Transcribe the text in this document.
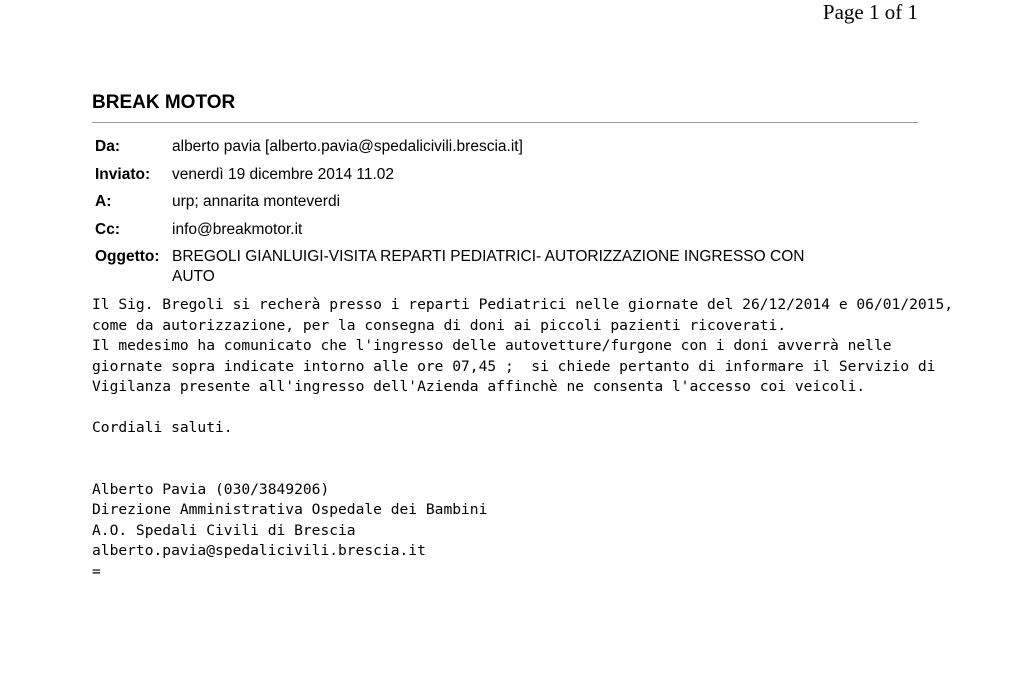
Page 1 of 1
BREAK MOTOR
Da:	alberto pavia [alberto.pavia@spedalicivili.brescia.it]
Inviato:	venerdì 19 dicembre 2014 11.02
A:	urp; annarita monteverdi
Cc:	info@breakmotor.it
Oggetto: BREGOLI GIANLUIGI-VISITA REPARTI PEDIATRICI- AUTORIZZAZIONE INGRESSO CON
AUTO
Il Sig. Bregoli si recherà presso i reparti Pediatrici nelle giornate del 26/12/2014 e 06/01/2015,
come da autorizzazione, per la consegna di doni ai piccoli pazienti ricoverati.
Il medesimo ha comunicato che l'ingresso delle autovetture/furgone con i doni avverrà nelle
giornate sopra indicate intorno alle ore 07,45 ;  si chiede pertanto di informare il Servizio di
Vigilanza presente all'ingresso dell'Azienda affinchè ne consenta l'accesso coi veicoli.
Cordiali saluti.
Alberto Pavia (030/3849206)
Direzione Amministrativa Ospedale dei Bambini
A.O. Spedali Civili di Brescia
alberto.pavia@spedalicivili.brescia.it
=
